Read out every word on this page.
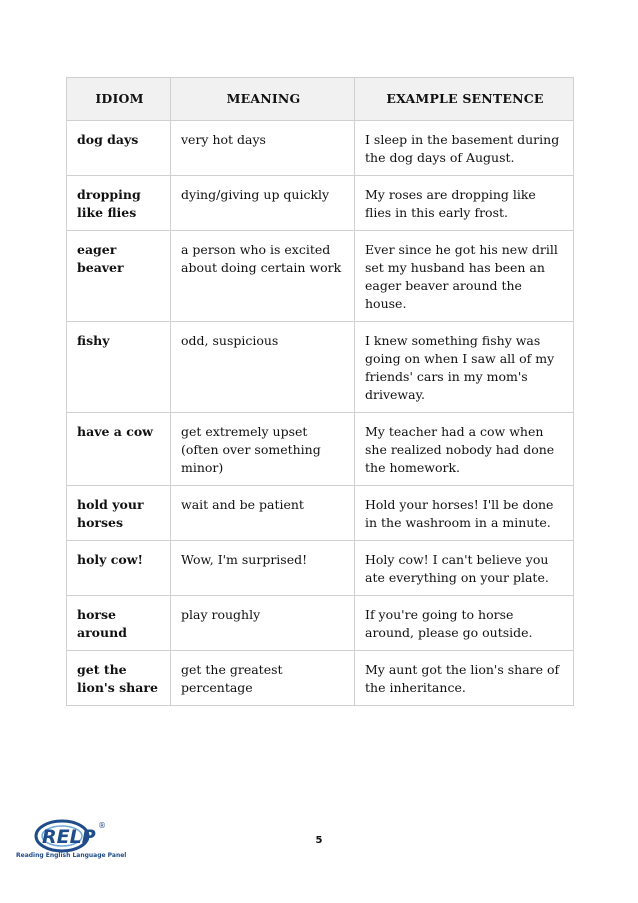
IDIOM	MEANING	EXAMPLE SENTENCE
dog days	very hot days	I sleep in the basement during the dog days of August.
dropping like flies	dying/giving up quickly	My roses are dropping like flies in this early frost.
eager beaver	a person who is excited about doing certain work	Ever since he got his new drill set my husband has been an eager beaver around the house.
fishy	odd, suspicious	I knew something fishy was going on when I saw all of my friends' cars in my mom's driveway.
have a cow	get extremely upset (often over something minor)	My teacher had a cow when she realized nobody had done the homework.
hold your horses	wait and be patient	Hold your horses! I'll be done in the washroom in a minute.
holy cow!	Wow, I'm surprised!	Holy cow! I can't believe you ate everything on your plate.
horse around	play roughly	If you're going to horse around, please go outside.
get the lion's share	get the greatest percentage	My aunt got the lion's share of the inheritance.
RELP
®
Reading English Language Panel
5
